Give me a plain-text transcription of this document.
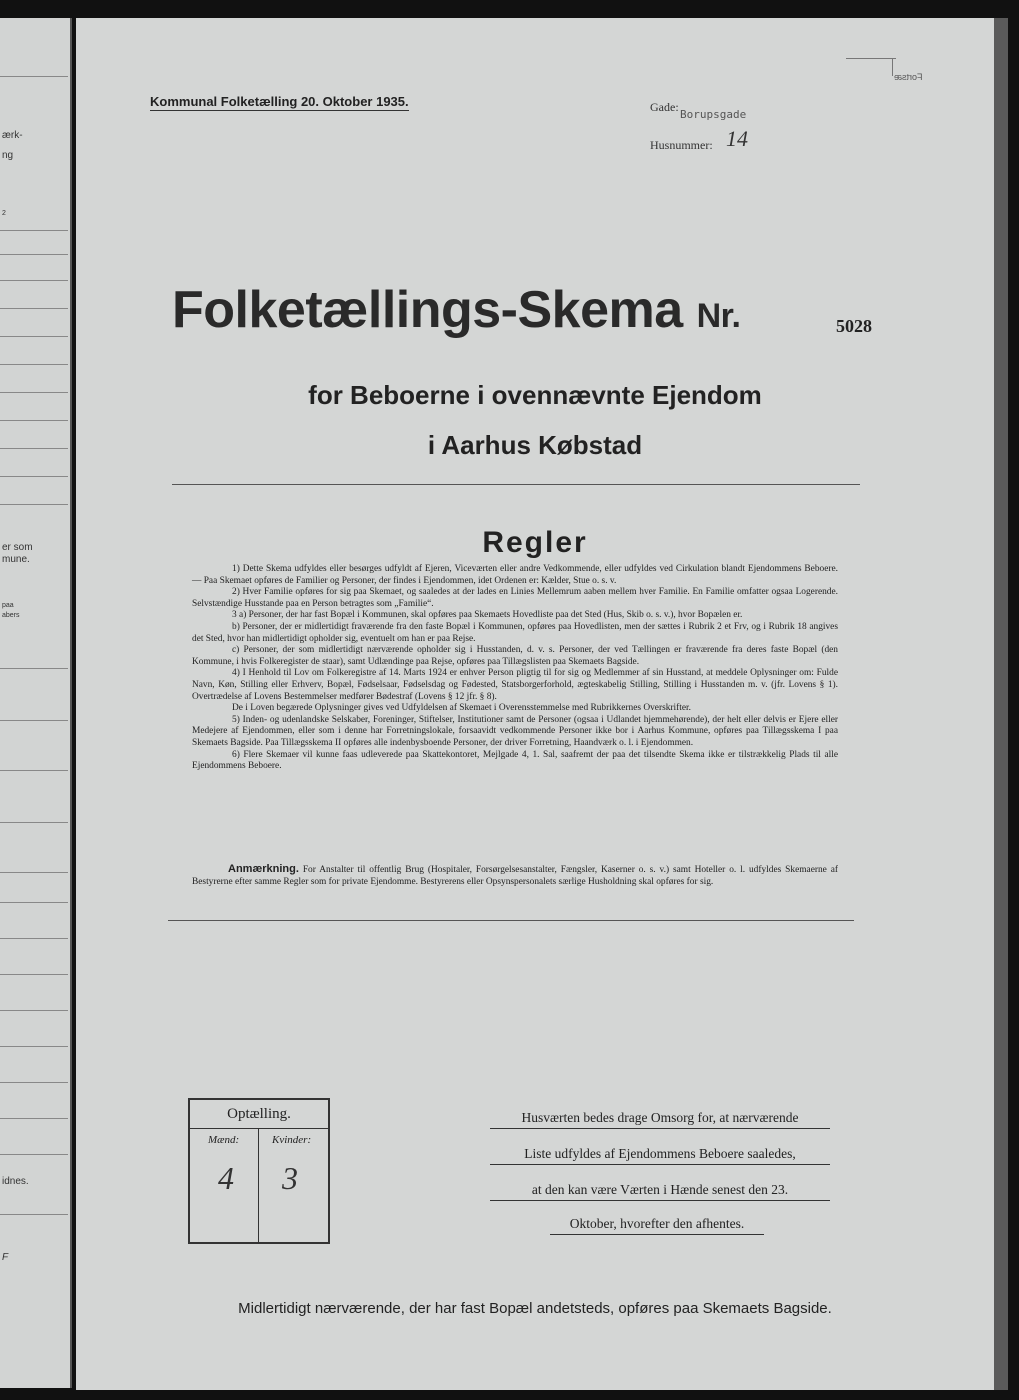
ærk-
ng
2
er som
mune.
paa
abers
idnes.
F
Fortsæ
Kommunal Folketælling 20. Oktober 1935.	Gade:
Borupsgade
Husnummer: 14
Folketællings-Skema Nr.	5028
for Beboerne i ovennævnte Ejendom
i Aarhus Købstad
Regler

1) Dette Skema udfyldes eller besørges udfyldt af Ejeren, Viceværten eller andre Vedkommende, eller udfyldes ved Cirkulation blandt Ejendommens Beboere. — Paa Skemaet opføres de Familier og Personer, der findes i Ejendommen, idet Ordenen er: Kælder, Stue o. s. v.

2) Hver Familie opføres for sig paa Skemaet, og saaledes at der lades en Linies Mellemrum aaben mellem hver Familie. En Familie omfatter ogsaa Logerende. Selvstændige Husstande paa en Person betragtes som „Familie“.

3 a) Personer, der har fast Bopæl i Kommunen, skal opføres paa Skemaets Hovedliste paa det Sted (Hus, Skib o. s. v.), hvor Bopælen er.

b) Personer, der er midlertidigt fraværende fra den faste Bopæl i Kommunen, opføres paa Hovedlisten, men der sættes i Rubrik 2 et Frv, og i Rubrik 18 angives det Sted, hvor han midlertidigt opholder sig, eventuelt om han er paa Rejse.

c) Personer, der som midlertidigt nærværende opholder sig i Husstanden, d. v. s. Personer, der ved Tællingen er fraværende fra deres faste Bopæl (den Kommune, i hvis Folkeregister de staar), samt Udlændinge paa Rejse, opføres paa Tillægslisten paa Skemaets Bagside.

4) I Henhold til Lov om Folkeregistre af 14. Marts 1924 er enhver Person pligtig til for sig og Medlemmer af sin Husstand, at meddele Oplysninger om: Fulde Navn, Køn, Stilling eller Erhverv, Bopæl, Fødselsaar, Fødselsdag og Fødested, Statsborgerforhold, ægteskabelig Stilling, Stilling i Husstanden m. v. (jfr. Lovens § 1). Overtrædelse af Lovens Bestemmelser medfører Bødestraf (Lovens § 12 jfr. § 8).

De i Loven begærede Oplysninger gives ved Udfyldelsen af Skemaet i Overensstemmelse med Rubrikkernes Overskrifter.

5) Inden- og udenlandske Selskaber, Foreninger, Stiftelser, Institutioner samt de Personer (ogsaa i Udlandet hjemmehørende), der helt eller delvis er Ejere eller Medejere af Ejendommen, eller som i denne har Forretningslokale, forsaavidt vedkommende Personer ikke bor i Aarhus Kommune, opføres paa Tillægsskema I paa Skemaets Bagside. Paa Tillægsskema II opføres alle indenbysboende Personer, der driver Forretning, Haandværk o. l. i Ejendommen.

6) Flere Skemaer vil kunne faas udleverede paa Skattekontoret, Mejlgade 4, 1. Sal, saafremt der paa det tilsendte Skema ikke er tilstrækkelig Plads til alle Ejendommens Beboere.

Anmærkning. For Anstalter til offentlig Brug (Hospitaler, Forsørgelsesanstalter, Fængsler, Kaserner o. s. v.) samt Hoteller o. l. udfyldes Skemaerne af Bestyrerne efter samme Regler som for private Ejendomme. Bestyrerens eller Opsynspersonalets særlige Husholdning skal opføres for sig.
Optælling.
Mænd:	Kvinder:
4 3
Husværten bedes drage Omsorg for, at nærværende
Liste udfyldes af Ejendommens Beboere saaledes,
at den kan være Værten i Hænde senest den 23.
Oktober, hvorefter den afhentes.
Midlertidigt nærværende, der har fast Bopæl andetsteds, opføres paa Skemaets Bagside.
